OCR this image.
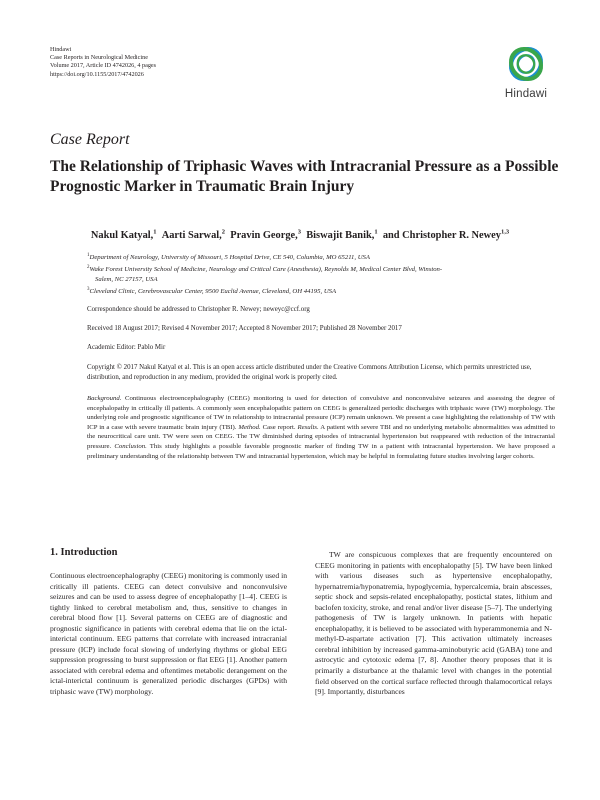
Hindawi
Case Reports in Neurological Medicine
Volume 2017, Article ID 4742026, 4 pages
https://doi.org/10.1155/2017/4742026
Hindawi
Case Report
The Relationship of Triphasic Waves with Intracranial Pressure as a Possible Prognostic Marker in Traumatic Brain Injury
Nakul Katyal,$^1$ Aarti Sarwal,$^2$ Pravin George,$^3$ Biswajit Banik,$^1$ and Christopher R. Newey$^{1,3}$
$^1$Department of Neurology, University of Missouri, 5 Hospital Drive, CE 540, Columbia, MO 65211, USA
$^2$Wake Forest University School of Medicine, Neurology and Critical Care (Anesthesia), Reynolds M, Medical Center Blvd, Winston-
Salem, NC 27157, USA
$^3$Cleveland Clinic, Cerebrovascular Center, 9500 Euclid Avenue, Cleveland, OH 44195, USA
Correspondence should be addressed to Christopher R. Newey; neweyc@ccf.org
Received 18 August 2017; Revised 4 November 2017; Accepted 8 November 2017; Published 28 November 2017
Academic Editor: Pablo Mir
Copyright © 2017 Nakul Katyal et al. This is an open access article distributed under the Creative Commons Attribution License, which permits unrestricted use, distribution, and reproduction in any medium, provided the original work is properly cited.
Background. Continuous electroencephalography (CEEG) monitoring is used for detection of convulsive and nonconvulsive seizures and assessing the degree of encephalopathy in critically ill patients. A commonly seen encephalopathic pattern on CEEG is generalized periodic discharges with triphasic wave (TW) morphology. The underlying role and prognostic significance of TW in relationship to intracranial pressure (ICP) remain unknown. We present a case highlighting the relationship of TW with ICP in a case with severe traumatic brain injury (TBI). Method. Case report. Results. A patient with severe TBI and no underlying metabolic abnormalities was admitted to the neurocritical care unit. TW were seen on CEEG. The TW diminished during episodes of intracranial hypertension but reappeared with reduction of the intracranial pressure. Conclusion. This study highlights a possible favorable prognostic marker of finding TW in a patient with intracranial hypertension. We have proposed a preliminary understanding of the relationship between TW and intracranial hypertension, which may be helpful in formulating future studies involving larger cohorts.
1. Introduction

Continuous electroencephalography (CEEG) monitoring is commonly used in critically ill patients. CEEG can detect convulsive and nonconvulsive seizures and can be used to assess degree of encephalopathy [1–4]. CEEG is tightly linked to cerebral metabolism and, thus, sensitive to changes in cerebral blood flow [1]. Several patterns on CEEG are of diagnostic and prognostic significance in patients with cerebral edema that lie on the ictal-interictal continuum. EEG patterns that correlate with increased intracranial pressure (ICP) include focal slowing of underlying rhythms or global EEG suppression progressing to burst suppression or flat EEG [1]. Another pattern associated with cerebral edema and oftentimes metabolic derangement on the ictal-interictal continuum is generalized periodic discharges (GPDs) with triphasic wave (TW) morphology.

TW are conspicuous complexes that are frequently encountered on CEEG monitoring in patients with encephalopathy [5]. TW have been linked with various diseases such as hypertensive encephalopathy, hypernatremia/hyponatremia, hypoglycemia, hypercalcemia, brain abscesses, septic shock and sepsis-related encephalopathy, postictal states, lithium and baclofen toxicity, stroke, and renal and/or liver disease [5–7]. The underlying pathogenesis of TW is largely unknown. In patients with hepatic encephalopathy, it is believed to be associated with hyperammonemia and N-methyl-D-aspartate activation [7]. This activation ultimately increases cerebral inhibition by increased gamma-aminobutyric acid (GABA) tone and astrocytic and cytotoxic edema [7, 8]. Another theory proposes that it is primarily a disturbance at the thalamic level with changes in the potential field observed on the cortical surface reflected through thalamocortical relays [9]. Importantly, disturbances
